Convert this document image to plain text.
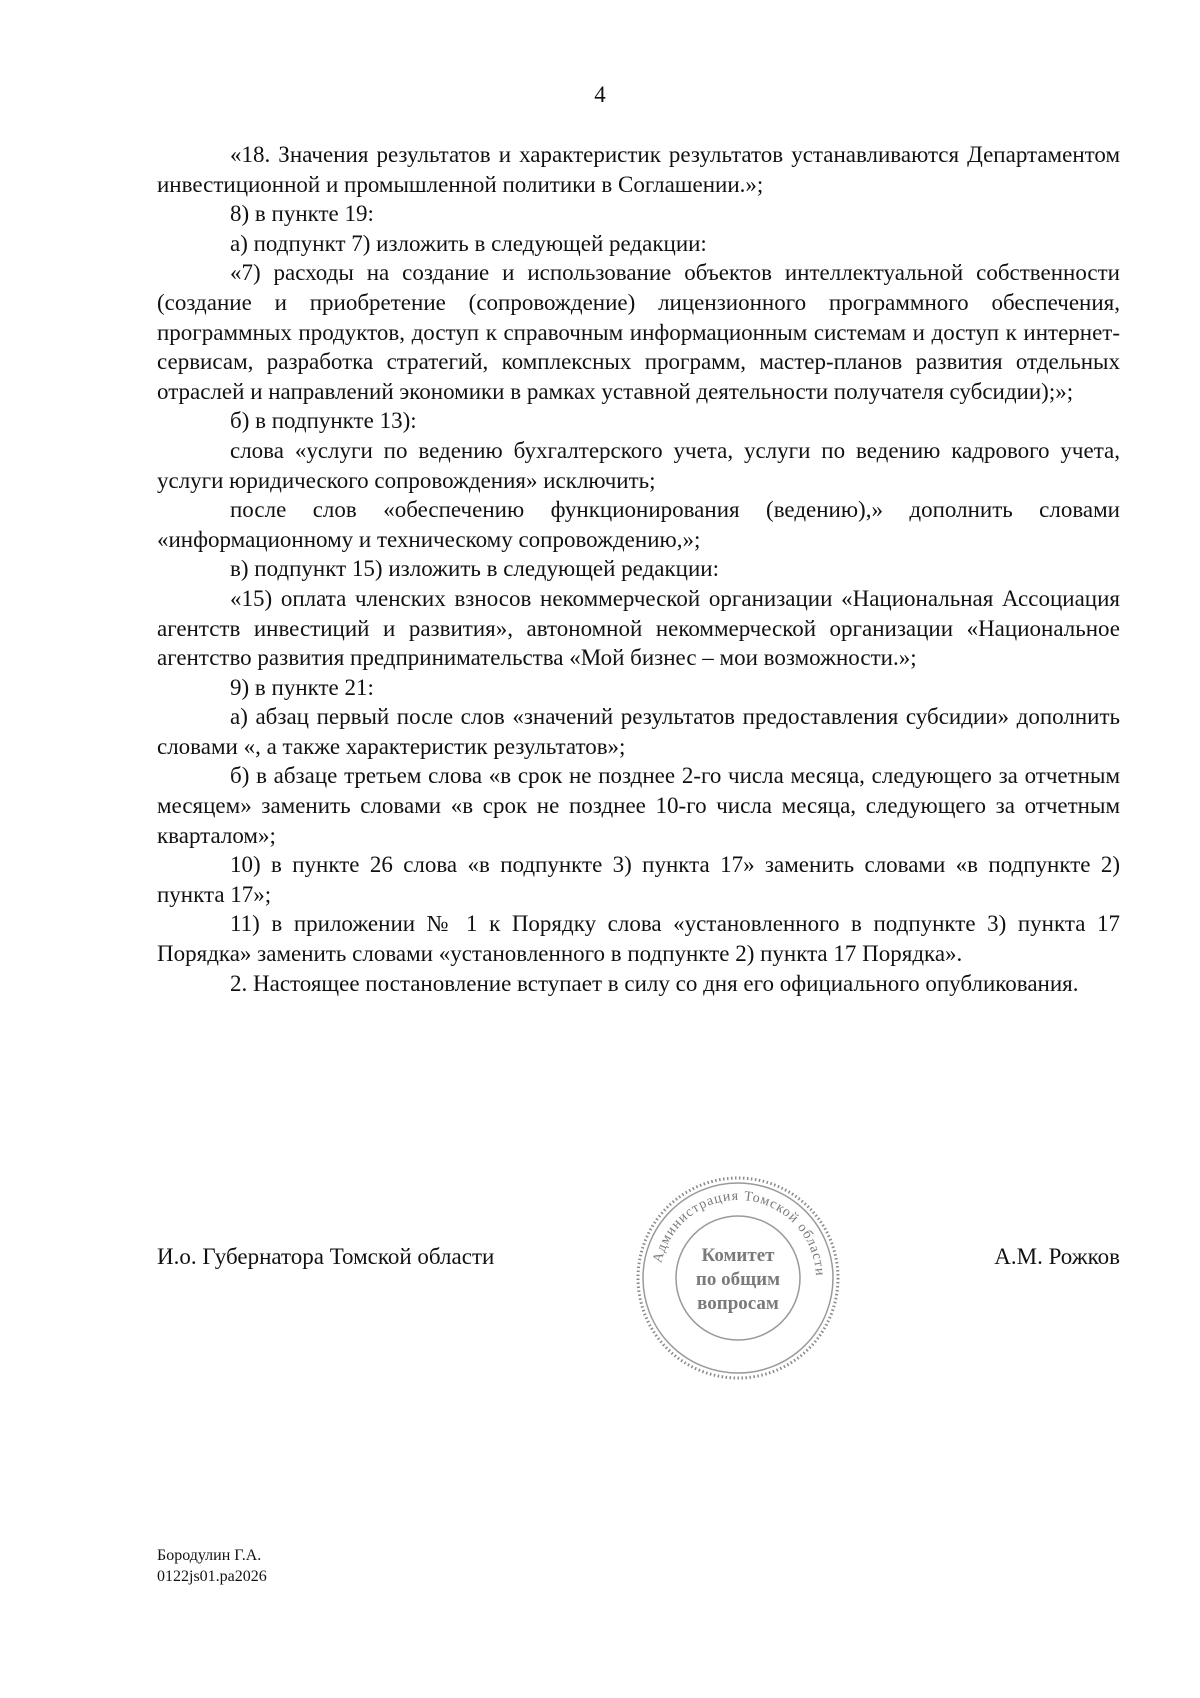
4

«18. Значения результатов и характеристик результатов устанавливаются Департаментом инвестиционной и промышленной политики в Соглашении.»;

8) в пункте 19:

а) подпункт 7) изложить в следующей редакции:

«7) расходы на создание и использование объектов интеллектуальной собственности (создание и приобретение (сопровождение) лицензионного программного обеспечения, программных продуктов, доступ к справочным информационным системам и доступ к интернет-сервисам, разработка стратегий, комплексных программ, мастер-планов развития отдельных отраслей и направлений экономики в рамках уставной деятельности получателя субсидии);»;

б) в подпункте 13):

слова «услуги по ведению бухгалтерского учета, услуги по ведению кадрового учета, услуги юридического сопровождения» исключить;

после слов «обеспечению функционирования (ведению),» дополнить словами «информационному и техническому сопровождению,»;

в) подпункт 15) изложить в следующей редакции:

«15) оплата членских взносов некоммерческой организации «Национальная Ассоциация агентств инвестиций и развития», автономной некоммерческой организации «Национальное агентство развития предпринимательства «Мой бизнес – мои возможности.»;

9) в пункте 21:

а) абзац первый после слов «значений результатов предоставления субсидии» дополнить словами «, а также характеристик результатов»;

б) в абзаце третьем слова «в срок не позднее 2-го числа месяца, следующего за отчетным месяцем» заменить словами «в срок не позднее 10-го числа месяца, следующего за отчетным кварталом»;

10) в пункте 26 слова «в подпункте 3) пункта 17» заменить словами «в подпункте 2) пункта 17»;

11) в приложении № 1 к Порядку слова «установленного в подпункте 3) пункта 17 Порядка» заменить словами «установленного в подпункте 2) пункта 17 Порядка».

2. Настоящее постановление вступает в силу со дня его официального опубликования.

Администрация Томской области
Комитет
по общим
вопросам
И.о. Губернатора Томской области	А.М. Рожков
Бородулин Г.А.
0122js01.pa2026
